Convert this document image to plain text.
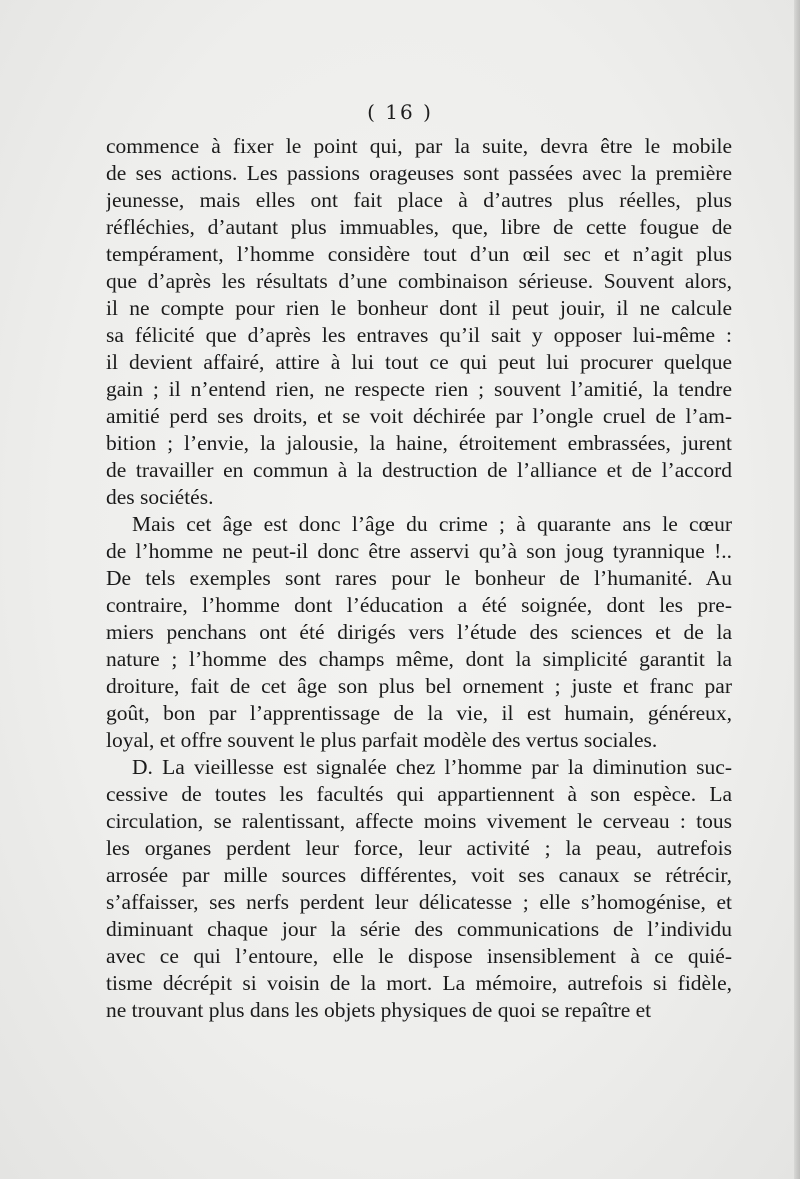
( 16 )
commence à fixer le point qui, par la suite, devra être le mobile
de ses actions. Les passions orageuses sont passées avec la première
jeunesse, mais elles ont fait place à d’autres plus réelles, plus
réfléchies, d’autant plus immuables, que, libre de cette fougue de
tempérament, l’homme considère tout d’un œil sec et n’agit plus
que d’après les résultats d’une combinaison sérieuse. Souvent alors,
il ne compte pour rien le bonheur dont il peut jouir, il ne calcule
sa félicité que d’après les entraves qu’il sait y opposer lui-même :
il devient affairé, attire à lui tout ce qui peut lui procurer quelque
gain ; il n’entend rien, ne respecte rien ; souvent l’amitié, la tendre
amitié perd ses droits, et se voit déchirée par l’ongle cruel de l’am-
bition ; l’envie, la jalousie, la haine, étroitement embrassées, jurent
de travailler en commun à la destruction de l’alliance et de l’accord
des sociétés.
Mais cet âge est donc l’âge du crime ; à quarante ans le cœur
de l’homme ne peut-il donc être asservi qu’à son joug tyrannique !..
De tels exemples sont rares pour le bonheur de l’humanité. Au
contraire, l’homme dont l’éducation a été soignée, dont les pre-
miers penchans ont été dirigés vers l’étude des sciences et de la
nature ; l’homme des champs même, dont la simplicité garantit la
droiture, fait de cet âge son plus bel ornement ; juste et franc par
goût, bon par l’apprentissage de la vie, il est humain, généreux,
loyal, et offre souvent le plus parfait modèle des vertus sociales.
D. La vieillesse est signalée chez l’homme par la diminution suc-
cessive de toutes les facultés qui appartiennent à son espèce. La
circulation, se ralentissant, affecte moins vivement le cerveau : tous
les organes perdent leur force, leur activité ; la peau, autrefois
arrosée par mille sources différentes, voit ses canaux se rétrécir,
s’affaisser, ses nerfs perdent leur délicatesse ; elle s’homogénise, et
diminuant chaque jour la série des communications de l’individu
avec ce qui l’entoure, elle le dispose insensiblement à ce quié-
tisme décrépit si voisin de la mort. La mémoire, autrefois si fidèle,
ne trouvant plus dans les objets physiques de quoi se repaître et
